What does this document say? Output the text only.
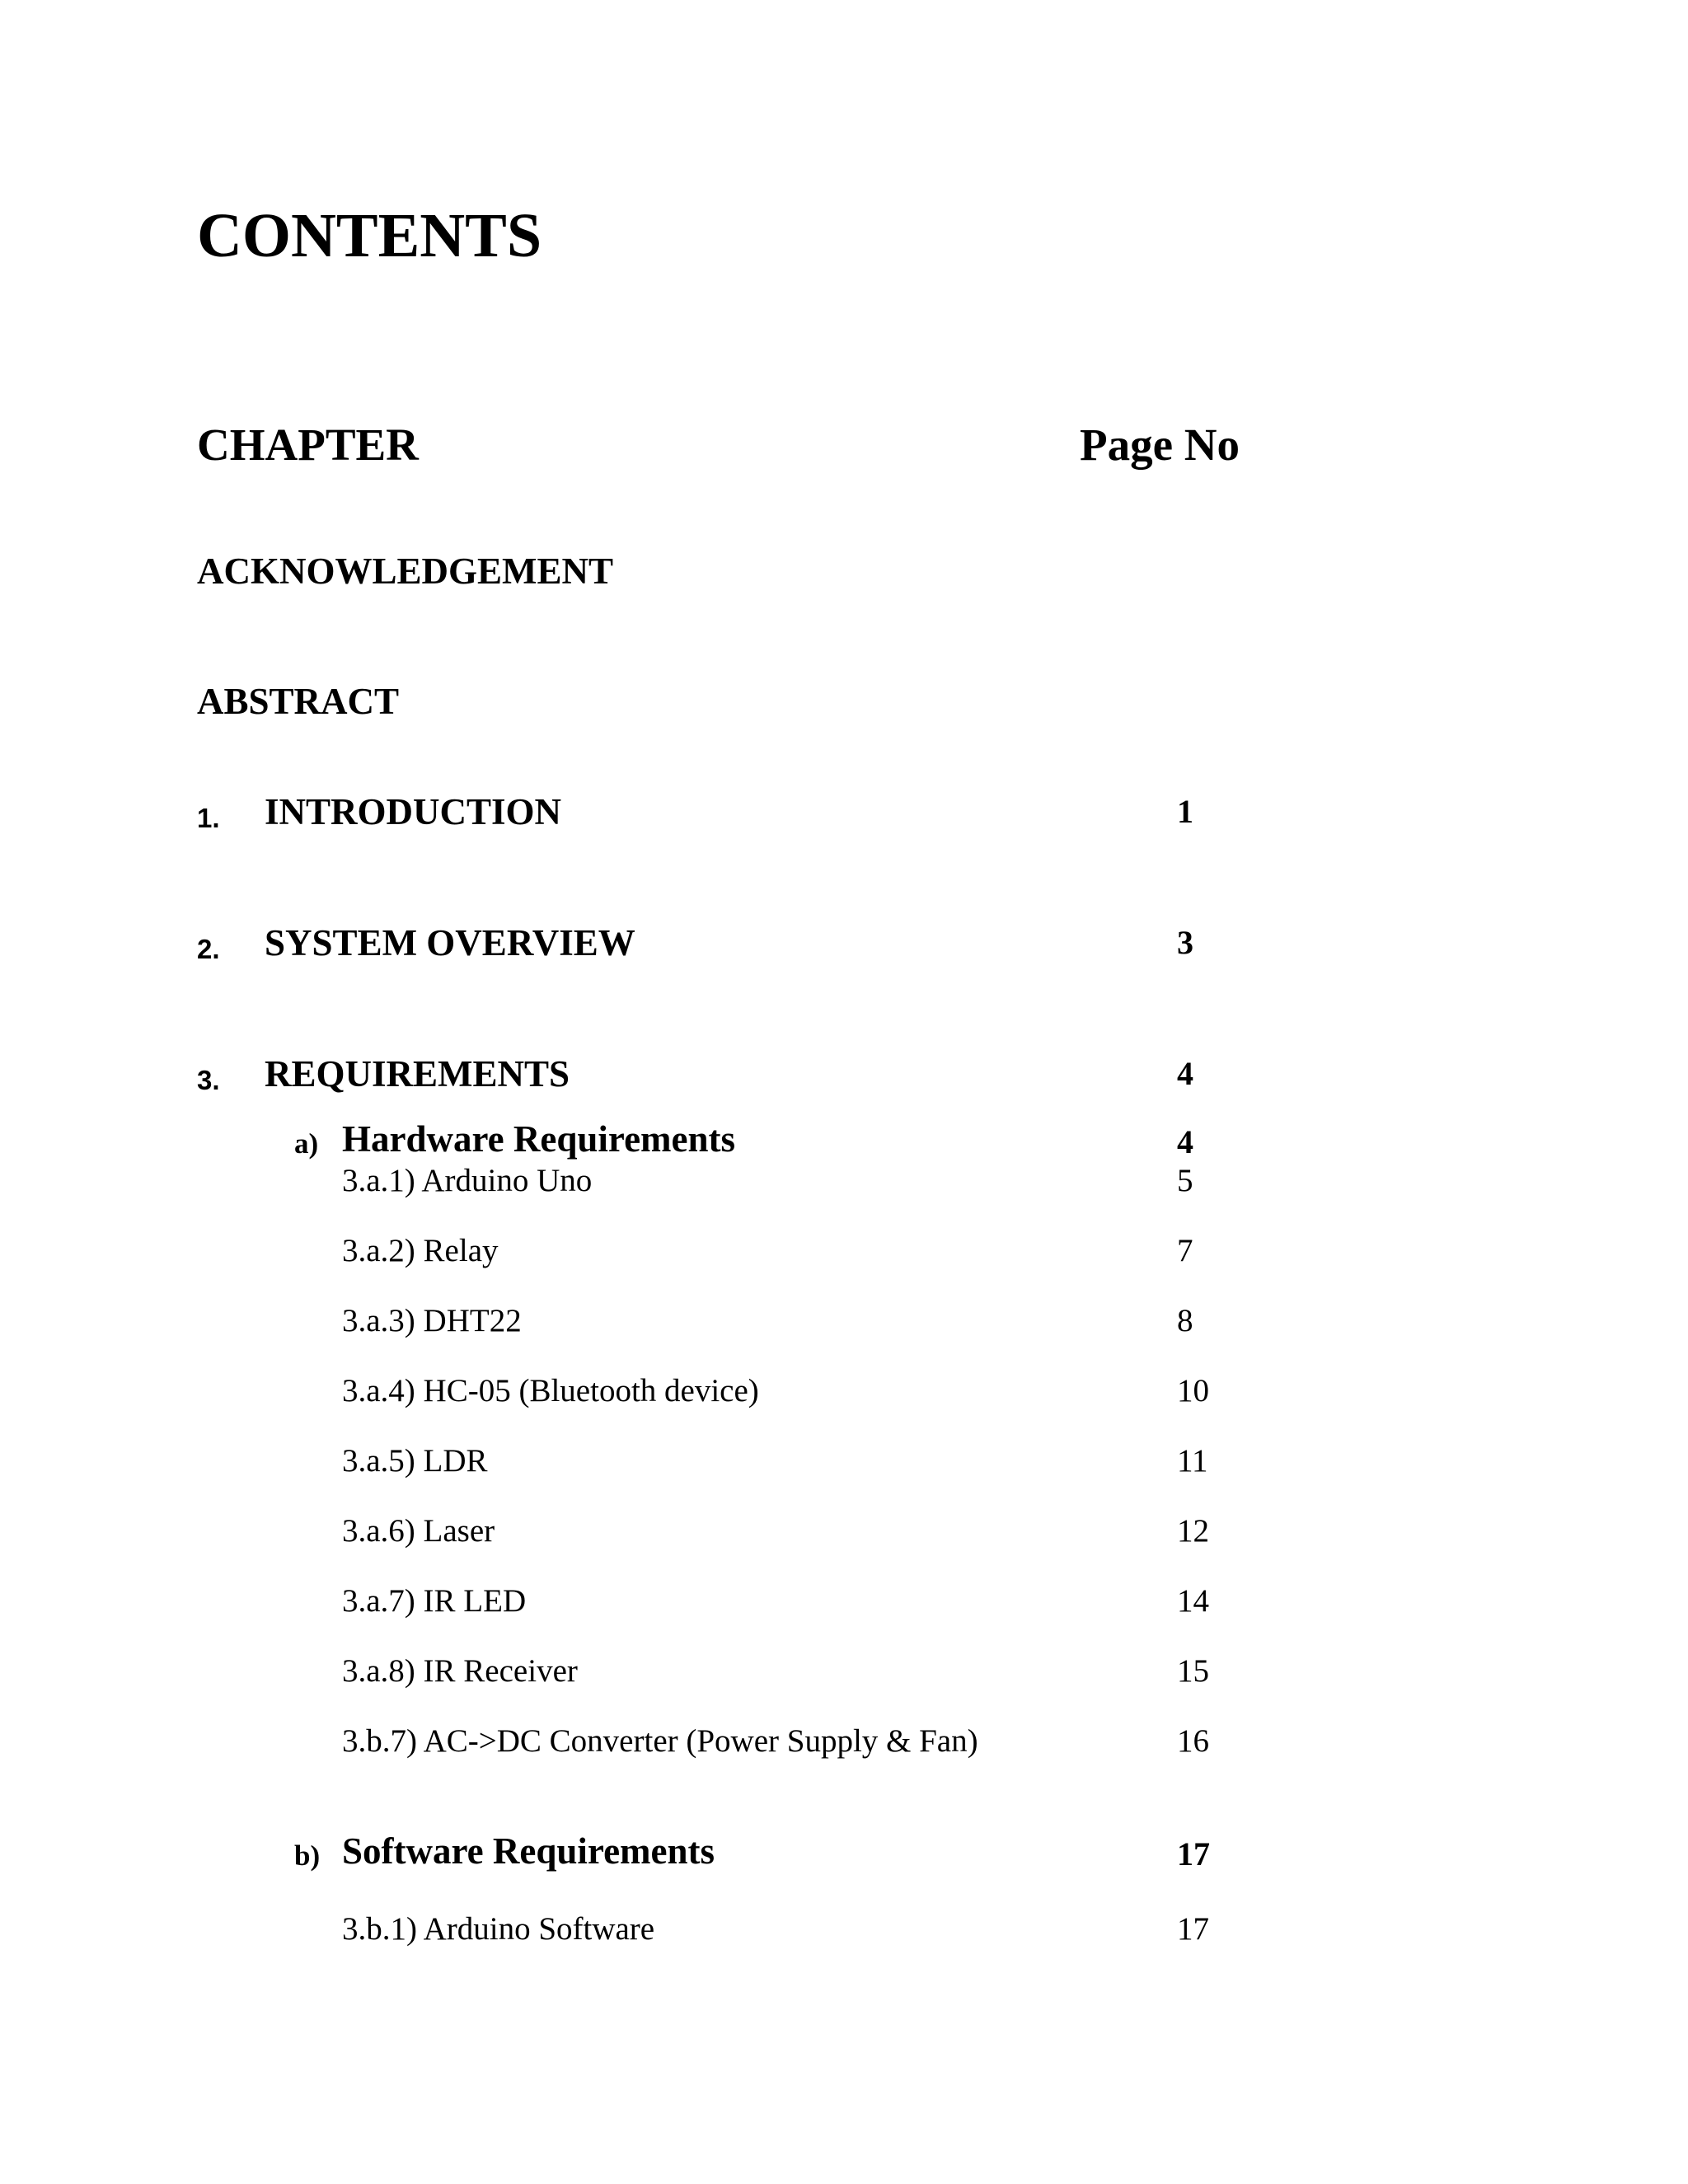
CONTENTS
CHAPTER	Page No
ACKNOWLEDGEMENT
ABSTRACT
1. INTRODUCTION	1
2. SYSTEM OVERVIEW	3
3. REQUIREMENTS	4
a) Hardware Requirements	4
3.a.1) Arduino Uno	5
3.a.2) Relay	7
3.a.3) DHT22	8
3.a.4) HC-05 (Bluetooth device)	10
3.a.5) LDR	11
3.a.6) Laser	12
3.a.7) IR LED	14
3.a.8) IR Receiver	15
3.b.7) AC->DC Converter (Power Supply & Fan)	16
b) Software Requirements	17
3.b.1) Arduino Software	17
